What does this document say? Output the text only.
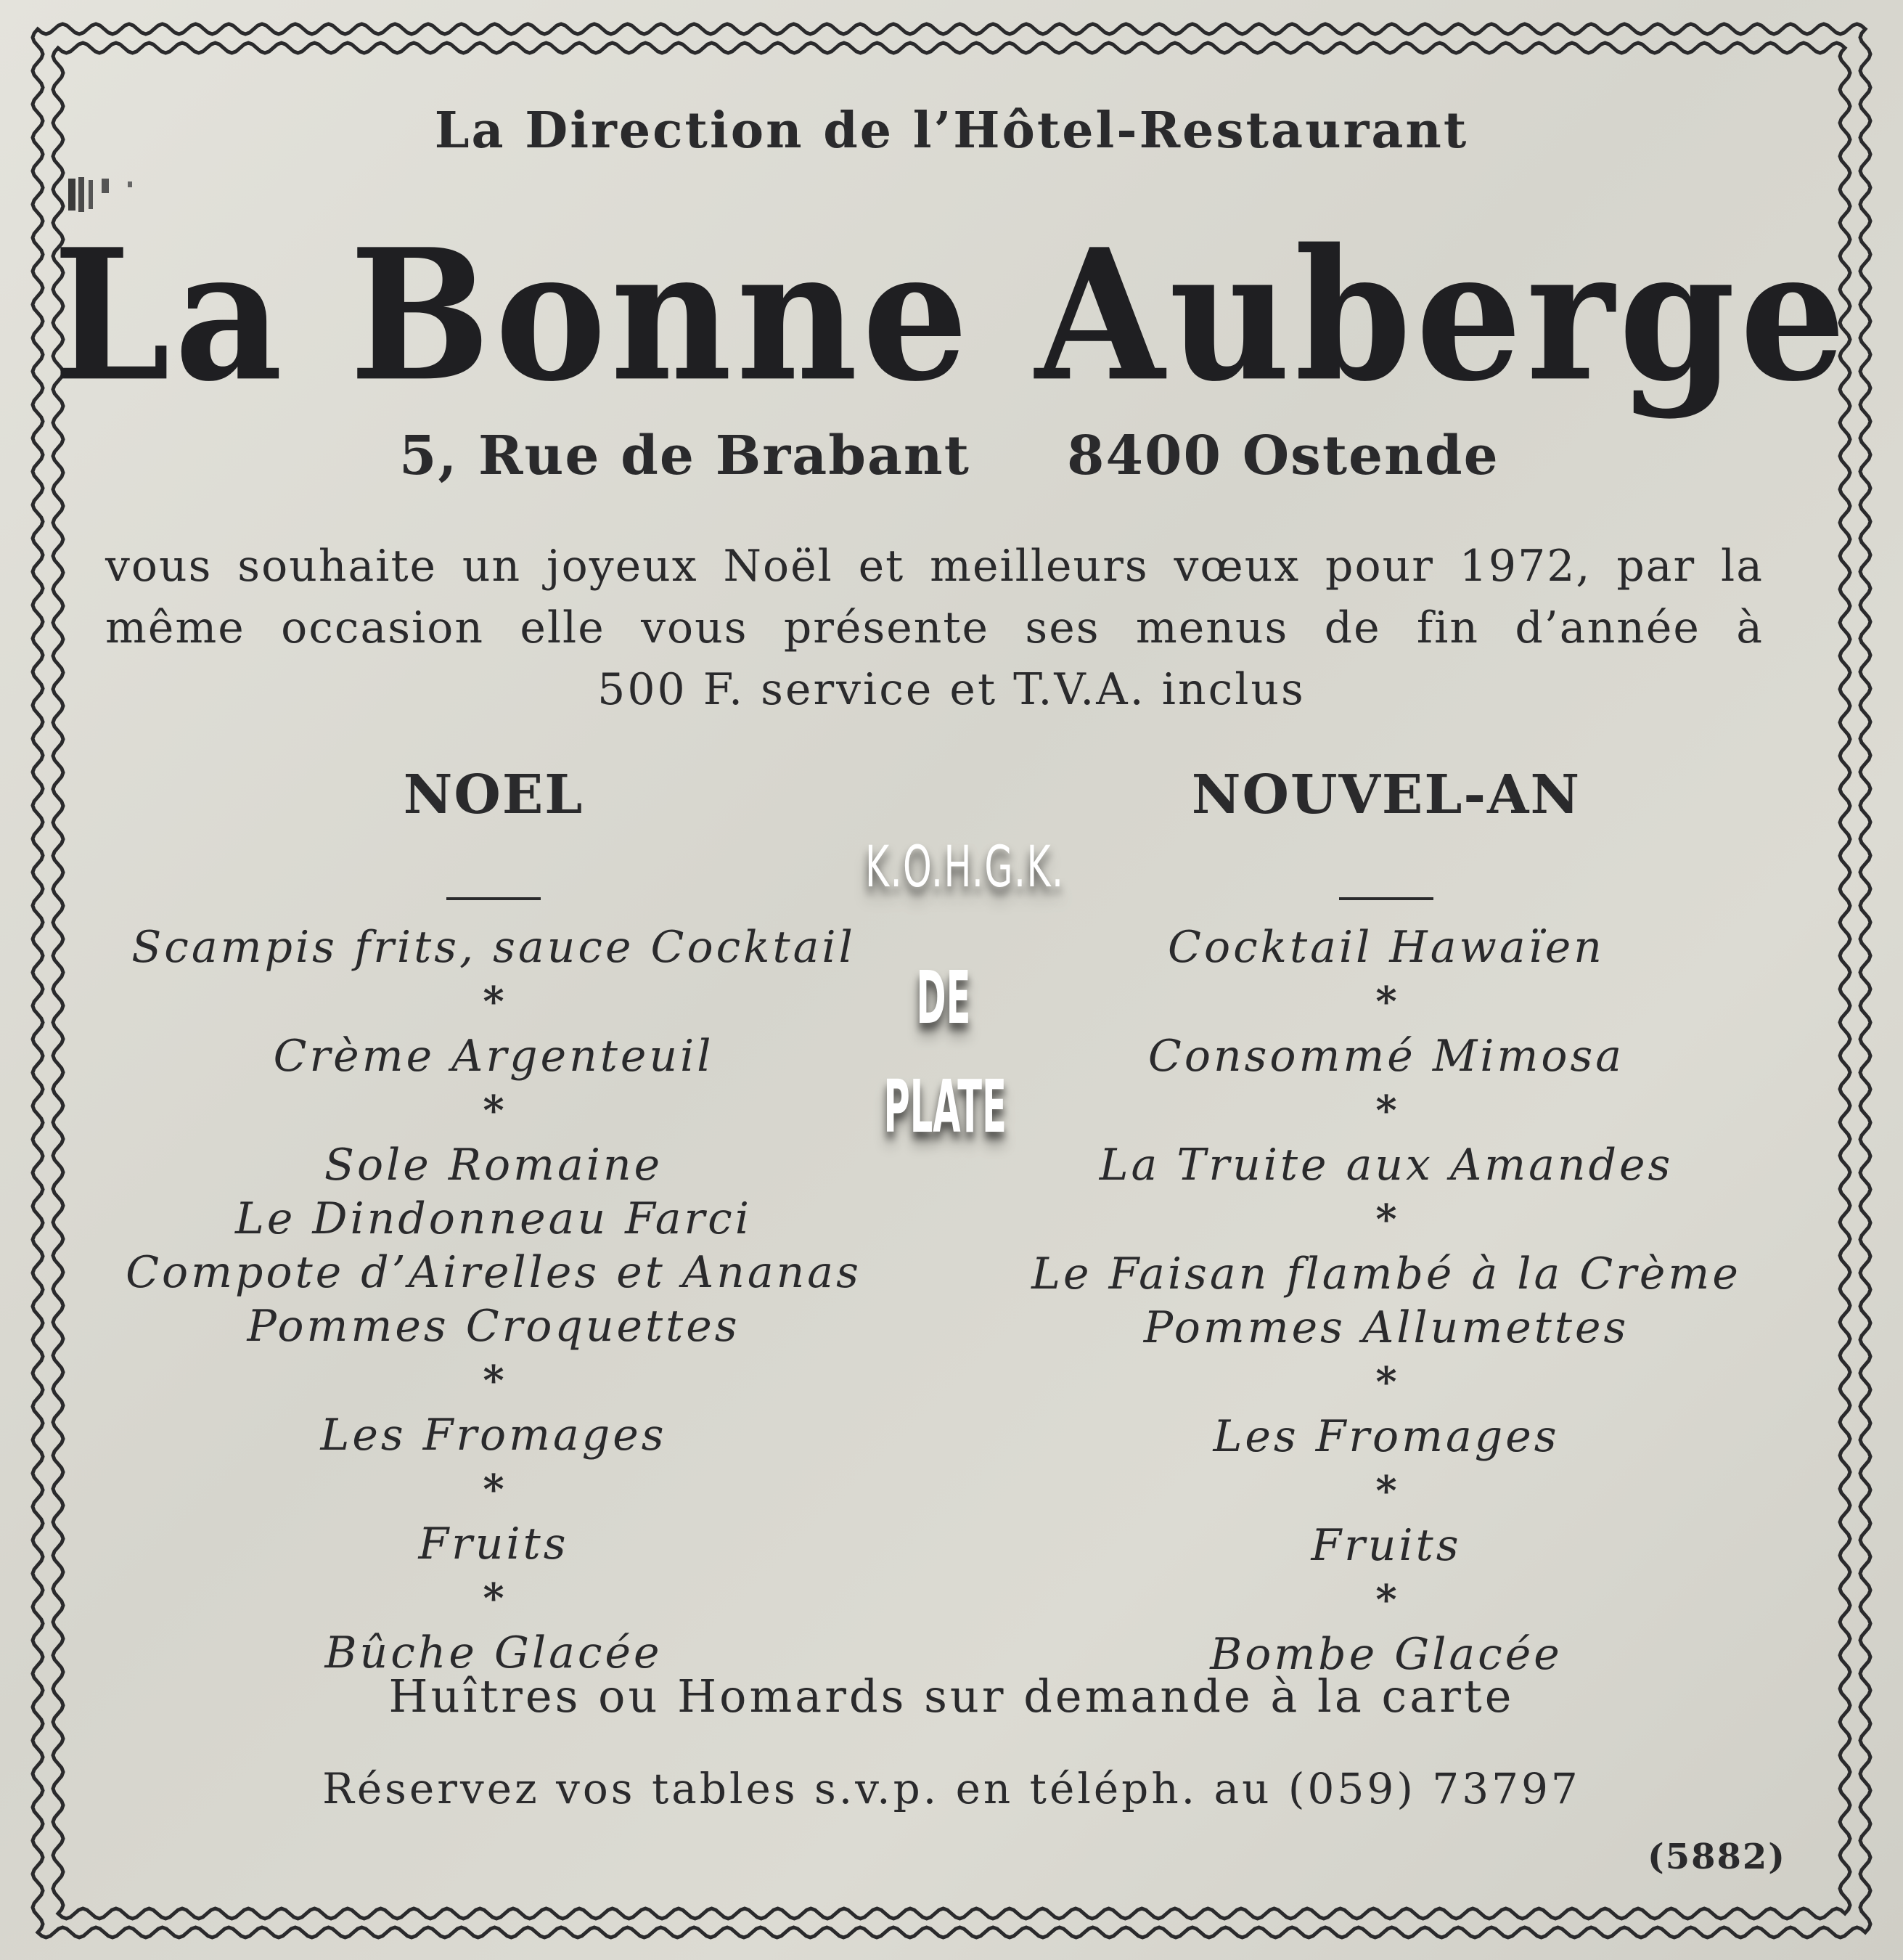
La Direction de l’Hôtel-Restaurant
La Bonne Auberge
5, Rue de Brabant 8400 Ostende
vous souhaite un joyeux Noël et meilleurs vœux pour 1972, par la
même occasion elle vous présente ses menus de fin d’année à
500 F. service et T.V.A. inclus
NOEL
Scampis frits, sauce Cocktail
*
Crème Argenteuil
*
Sole Romaine
Le Dindonneau Farci
Compote d’Airelles et Ananas
Pommes Croquettes
*
Les Fromages
*
Fruits
*
Bûche Glacée
NOUVEL-AN
Cocktail Hawaïen
*
Consommé Mimosa
*
La Truite aux Amandes
*
Le Faisan flambé à la Crème
Pommes Allumettes
*
Les Fromages
*
Fruits
*
Bombe Glacée
K.O.H.G.K.
DE PLATE
Huîtres ou Homards sur demande à la carte
Réservez vos tables s.v.p. en téléph. au (059) 73797
(5882)
